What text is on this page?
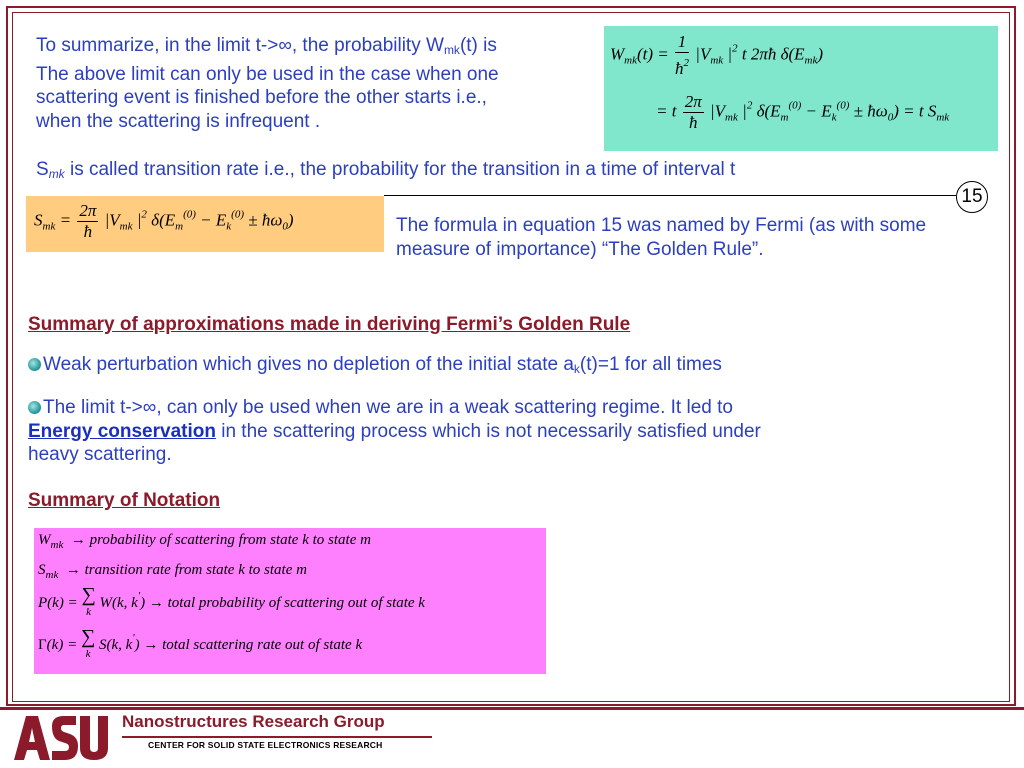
To summarize, in the limit t->∞, the probability $W_{mk}(t)$ is
The above limit can only be used in the case when one
scattering event is finished before the other starts i.e.,
when the scattering is infrequent .
$W_{mk}(t) = \frac{1}{ħ^2} |V_{mk}$ $|^2$ t 2πħ $\delta(E_{mk})$
= t $\frac{2\pi}{ħ} |V_{mk}$ $|^2$ $\delta(E_m^{(0)} - E_k^{(0)}$ ± $ħ\omega_0) = t$ $S_{mk}$
$S_{mk}$ is called transition rate i.e., the probability for the transition in a time of interval t
15
$S_{mk} = \frac{2\pi}{ħ} |V_{mk}$ $|^2$ $\delta(E_m^{(0)} - E_k^{(0)}$ ± $ħ\omega_0$)	The formula in equation 15 was named by Fermi (as with some measure of importance) “The Golden Rule”.
Summary of approximations made in deriving Fermi’s Golden Rule
Weak perturbation which gives no depletion of the initial state $a_k(t)=1$ for all times
The limit t->∞, can only be used when we are in a weak scattering regime. It led to
Energy conservation in the scattering process which is not necessarily satisfied under
heavy scattering.
Summary of Notation
$W_{mk}$  → probability of scattering from state k to state m
$S_{mk}$  → transition rate from state k to state m
P(k) = ∑
k W(k, k') → total probability of scattering out of state k
Γ(k) = ∑
k S(k, k') → total scattering rate out of state k
Nanostructures Research Group
CENTER FOR SOLID STATE ELECTRONICS RESEARCH
